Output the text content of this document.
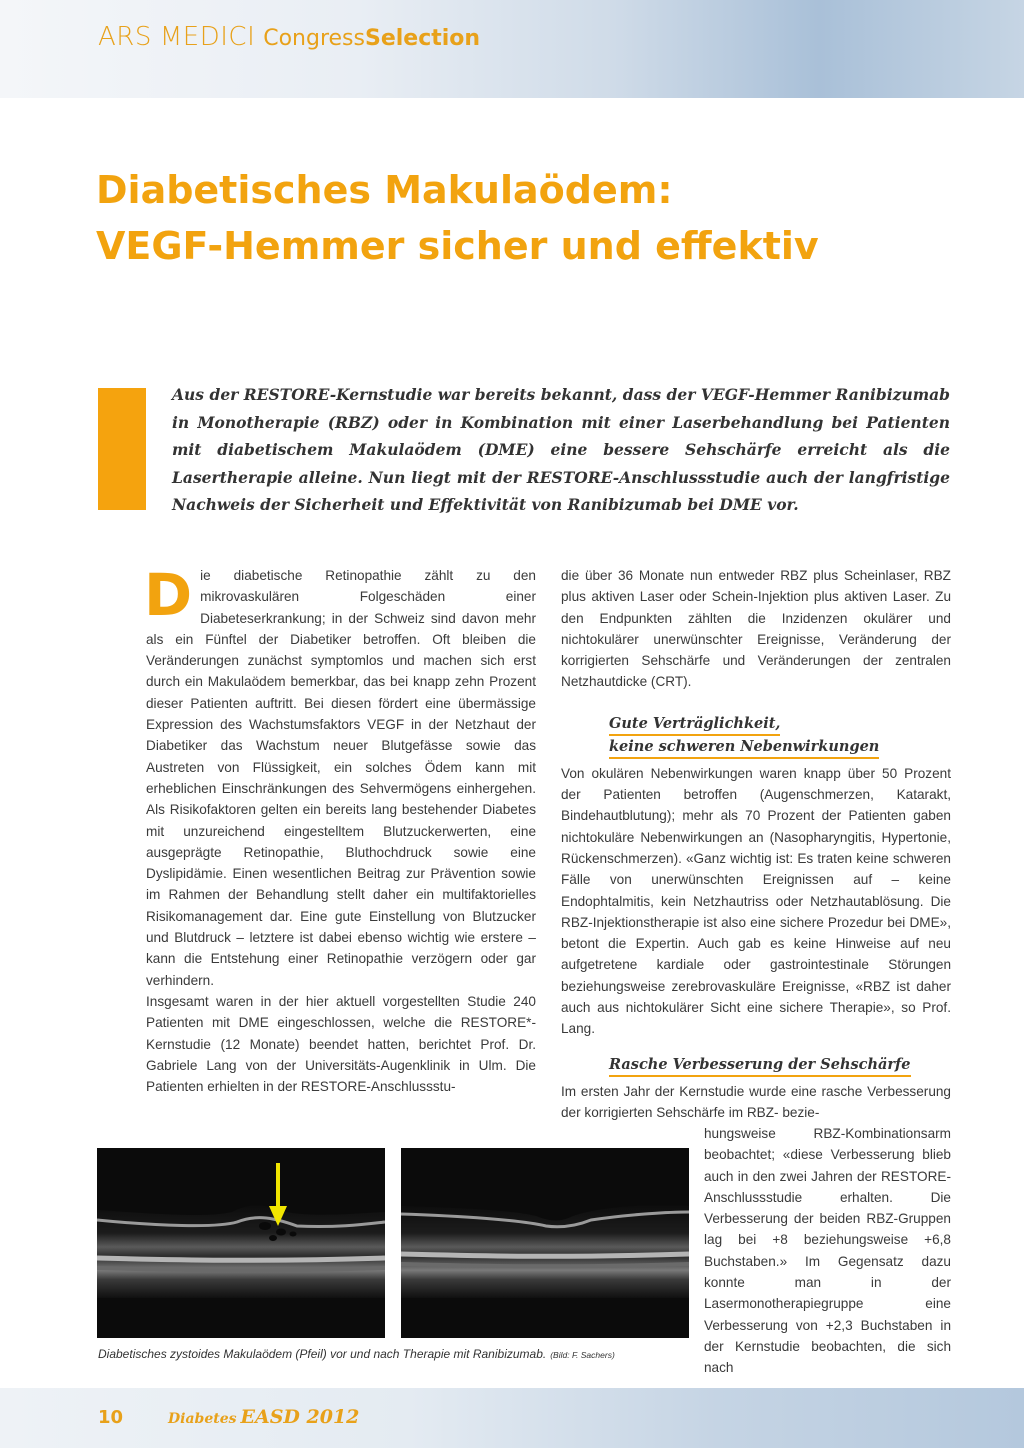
ARS MEDICI Congress Selection
Diabetisches Makulaödem:
VEGF-Hemmer sicher und effektiv

Aus der RESTORE-Kernstudie war bereits bekannt, dass der VEGF-Hemmer Ranibizumab in Monotherapie (RBZ) oder in Kombination mit einer Laserbehandlung bei Patienten mit diabetischem Makulaödem (DME) eine bessere Sehschärfe erreicht als die Lasertherapie alleine. Nun liegt mit der RESTORE-Anschlussstudie auch der langfristige Nachweis der Sicherheit und Effektivität von Ranibizumab bei DME vor.

D ie diabetische Retinopathie zählt zu den mikrovaskulären Folgeschäden einer Diabeteserkrankung; in der Schweiz sind davon mehr als ein Fünftel der Diabetiker betroffen. Oft bleiben die Veränderungen zunächst symptomlos und machen sich erst durch ein Makulaödem bemerkbar, das bei knapp zehn Prozent dieser Patienten auftritt. Bei diesen fördert eine übermässige Expression des Wachstumsfaktors VEGF in der Netzhaut der Diabetiker das Wachstum neuer Blutgefässe sowie das Austreten von Flüssigkeit, ein solches Ödem kann mit erheblichen Einschränkungen des Sehvermögens einhergehen. Als Risikofaktoren gelten ein bereits lang bestehender Diabetes mit unzureichend eingestelltem Blutzuckerwerten, eine ausgeprägte Retinopathie, Bluthochdruck sowie eine Dyslipidämie. Einen wesentlichen Beitrag zur Prävention sowie im Rahmen der Behandlung stellt daher ein multifaktorielles Risikomanagement dar. Eine gute Einstellung von Blutzucker und Blutdruck – letztere ist dabei ebenso wichtig wie erstere – kann die Entstehung einer Retinopathie verzögern oder gar verhindern.

Insgesamt waren in der hier aktuell vorgestellten Studie 240 Patienten mit DME eingeschlossen, welche die RESTORE*-Kernstudie (12 Monate) beendet hatten, berichtet Prof. Dr. Gabriele Lang von der Universitäts-Augenklinik in Ulm. Die Patienten erhielten in der RESTORE-Anschlussstu-

die über 36 Monate nun entweder RBZ plus Scheinlaser, RBZ plus aktiven Laser oder Schein-Injektion plus aktiven Laser. Zu den Endpunkten zählten die Inzidenzen okulärer und nichtokulärer unerwünschter Ereignisse, Veränderung der korrigierten Sehschärfe und Veränderungen der zentralen Netzhautdicke (CRT).

Gute Verträglichkeit,
keine schweren Nebenwirkungen

Von okulären Nebenwirkungen waren knapp über 50 Prozent der Patienten betroffen (Augenschmerzen, Katarakt, Bindehautblutung); mehr als 70 Prozent der Patienten gaben nichtokuläre Nebenwirkungen an (Nasopharyngitis, Hypertonie, Rückenschmerzen). «Ganz wichtig ist: Es traten keine schweren Fälle von unerwünschten Ereignissen auf – keine Endophtalmitis, kein Netzhautriss oder Netzhautablösung. Die RBZ-Injektionstherapie ist also eine sichere Prozedur bei DME», betont die Expertin. Auch gab es keine Hinweise auf neu aufgetretene kardiale oder gastrointestinale Störungen beziehungsweise zerebrovaskuläre Ereignisse, «RBZ ist daher auch aus nichtokulärer Sicht eine sichere Therapie», so Prof. Lang.

Rasche Verbesserung der Sehschärfe

Im ersten Jahr der Kernstudie wurde eine rasche Verbesserung der korrigierten Sehschärfe im RBZ- bezie-

hungsweise RBZ-Kombinationsarm beobachtet; «diese Verbesserung blieb auch in den zwei Jahren der RESTORE-Anschlussstudie erhalten. Die Verbesserung der beiden RBZ-Gruppen lag bei +8 beziehungsweise +6,8 Buchstaben.» Im Gegensatz dazu konnte man in der Lasermonotherapiegruppe eine Verbesserung von +2,3 Buchstaben in der Kernstudie beobachten, die sich nach

Diabetisches zystoides Makulaödem (Pfeil) vor und nach Therapie mit Ranibizumab. (Bild: F. Sachers)
10	Diabetes EASD 2012
